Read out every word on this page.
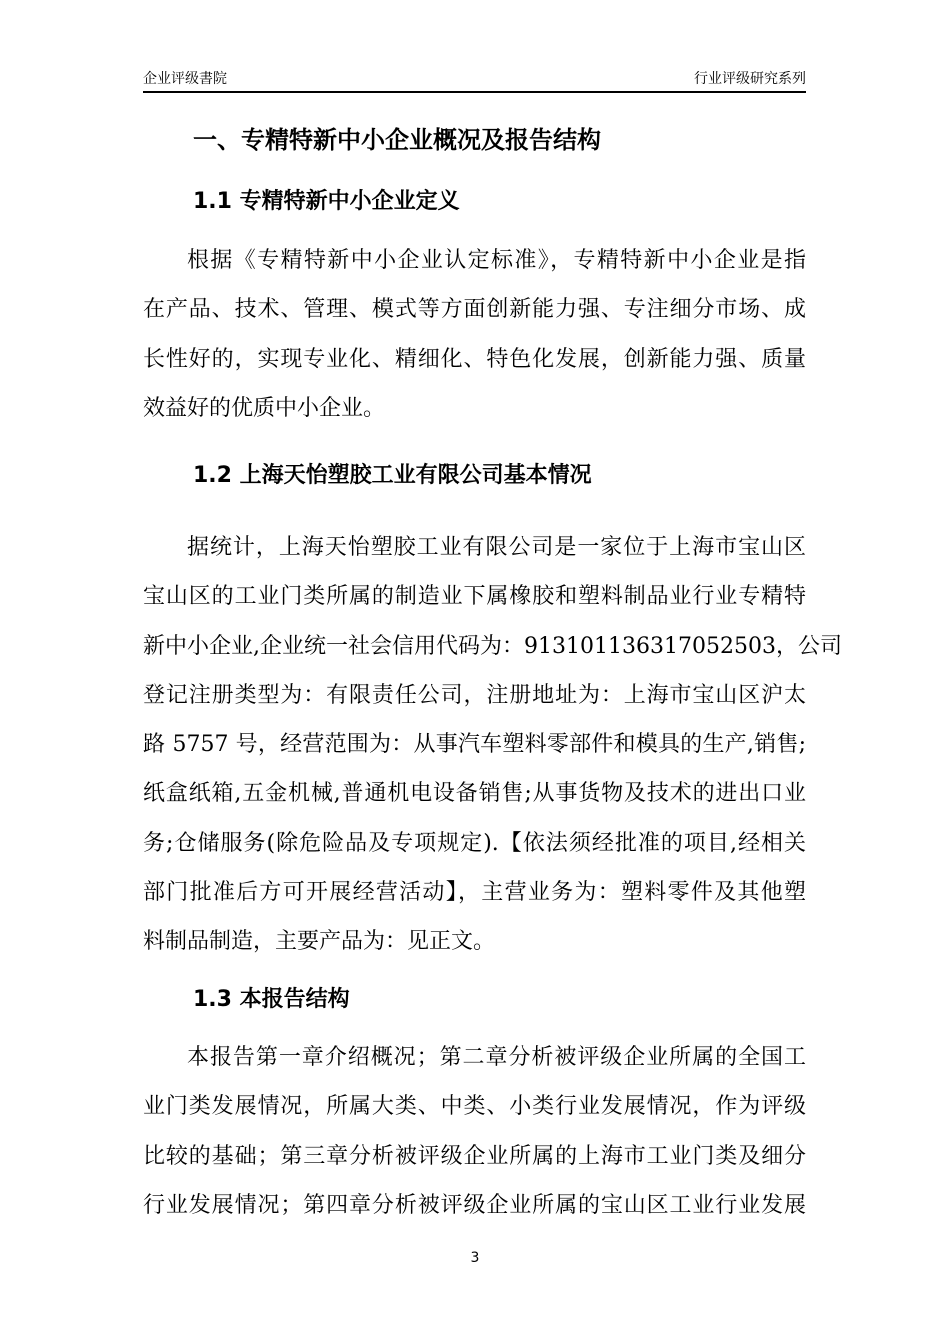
企业评级書院	行业评级研究系列
一、专精特新中小企业概况及报告结构
1.1 专精特新中小企业定义
根据《专精特新中小企业认定标准》，专精特新中小企业是指
在产品、技术、管理、模式等方面创新能力强、专注细分市场、成
长性好的，实现专业化、精细化、特色化发展，创新能力强、质量
效益好的优质中小企业。
1.2 上海天怡塑胶工业有限公司基本情况
据统计，上海天怡塑胶工业有限公司是一家位于上海市宝山区
宝山区的工业门类所属的制造业下属橡胶和塑料制品业行业专精特
新中小企业,企业统一社会信用代码为：913101136317052503，公司
登记注册类型为：有限责任公司，注册地址为：上海市宝山区沪太
路 5757 号，经营范围为：从事汽车塑料零部件和模具的生产,销售;
纸盒纸箱,五金机械,普通机电设备销售;从事货物及技术的进出口业
务;仓储服务(除危险品及专项规定).【依法须经批准的项目,经相关
部门批准后方可开展经营活动】，主营业务为：塑料零件及其他塑
料制品制造，主要产品为：见正文。
1.3 本报告结构
本报告第一章介绍概况；第二章分析被评级企业所属的全国工
业门类发展情况，所属大类、中类、小类行业发展情况，作为评级
比较的基础；第三章分析被评级企业所属的上海市工业门类及细分
行业发展情况；第四章分析被评级企业所属的宝山区工业行业发展
3
